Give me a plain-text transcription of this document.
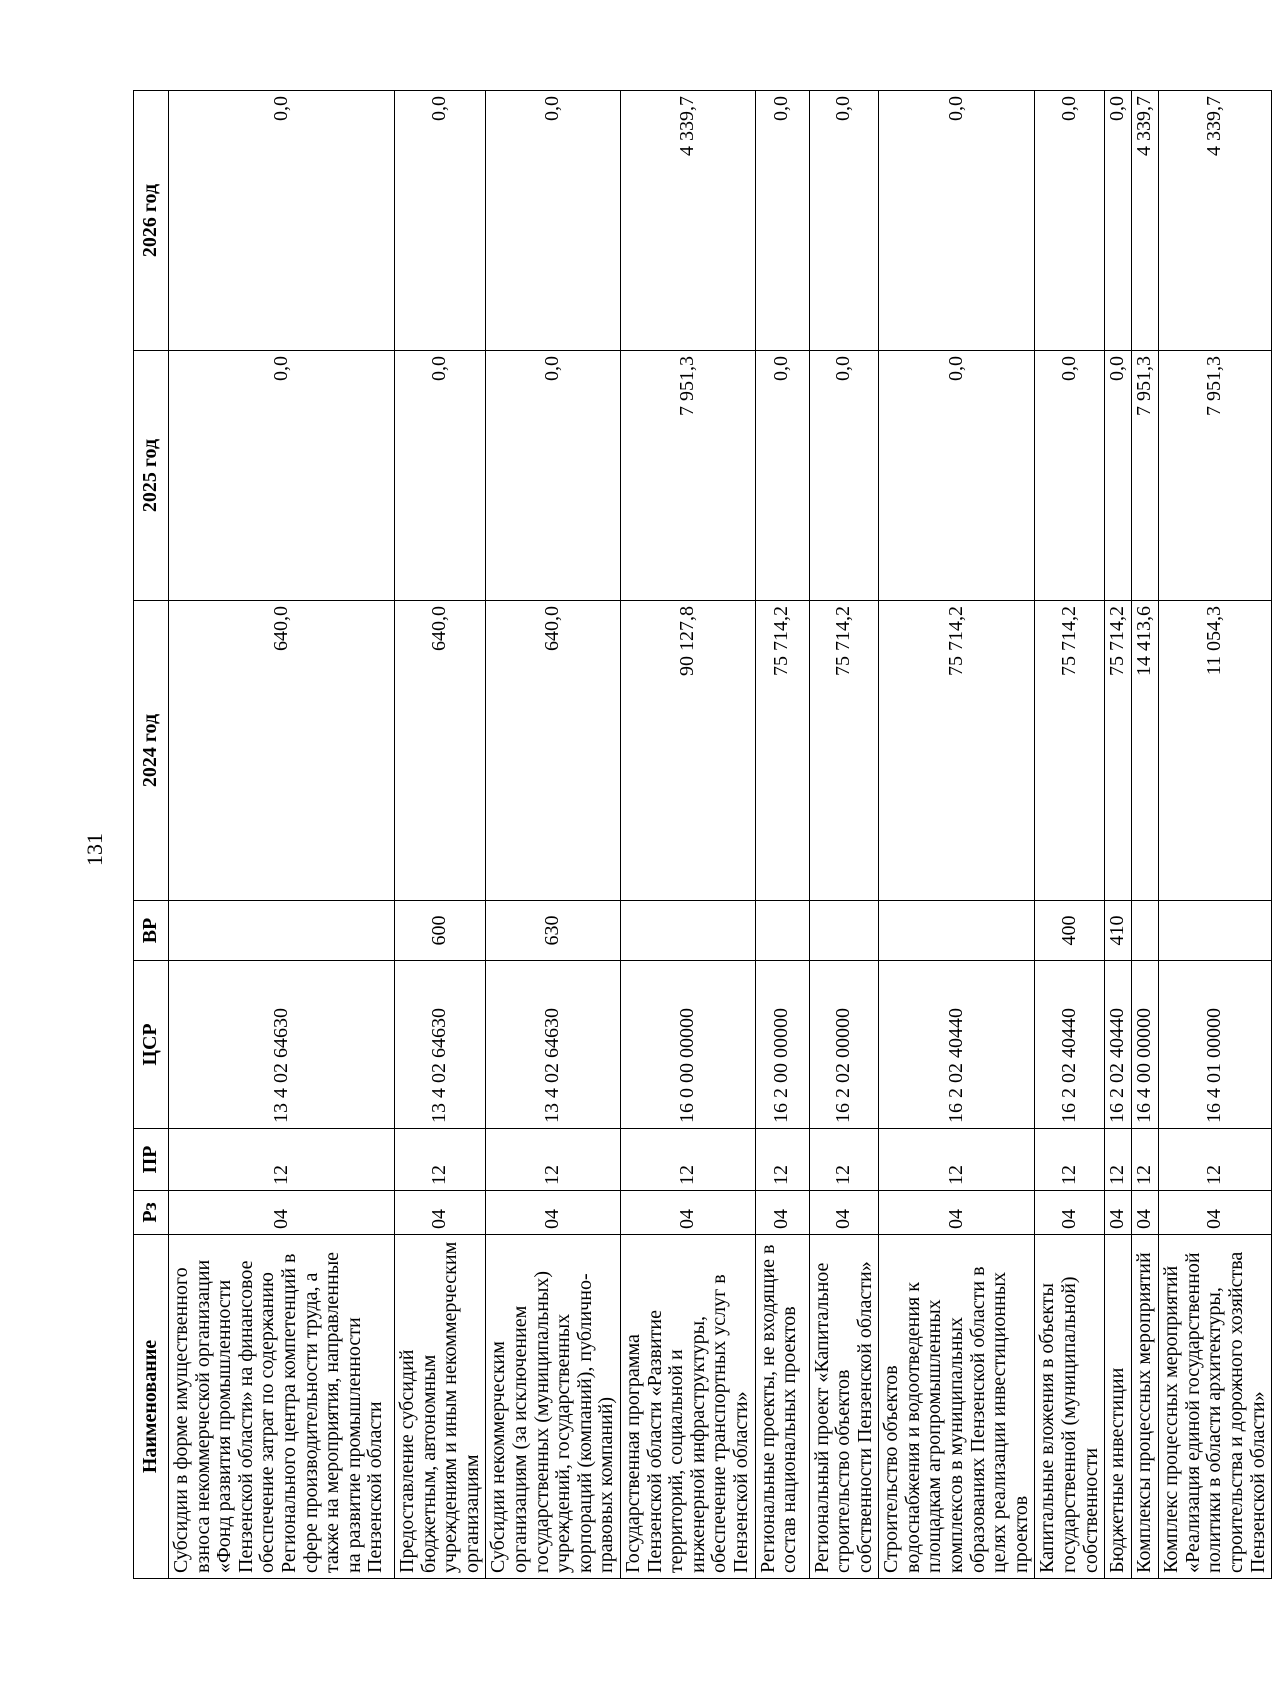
131
Наименование	Рз	ПР	ЦСР	ВР	2024 год	2025 год	2026 год
Субсидии в форме имущественного взноса некоммерческой организации «Фонд развития промышленности Пензенской области» на финансовое обеспечение затрат по содержанию Регионального центра компетенций в сфере производительности труда, а также на мероприятия, направленные на развитие промышленности Пензенской области	04	12	13 4 02 64630		640,0	0,0	0,0
Предоставление субсидий бюджетным, автономным учреждениям и иным некоммерческим организациям	04	12	13 4 02 64630	600	640,0	0,0	0,0
Субсидии некоммерческим организациям (за исключением государственных (муниципальных) учреждений, государственных корпораций (компаний), публично-правовых компаний)	04	12	13 4 02 64630	630	640,0	0,0	0,0
Государственная программа Пензенской области «Развитие территорий, социальной и инженерной инфраструктуры, обеспечение транспортных услуг в Пензенской области»	04	12	16 0 00 00000		90 127,8	7 951,3	4 339,7
Региональные проекты, не входящие в состав национальных проектов	04	12	16 2 00 00000		75 714,2	0,0	0,0
Региональный проект «Капитальное строительство объектов собственности Пензенской области»	04	12	16 2 02 00000		75 714,2	0,0	0,0
Строительство объектов водоснабжения и водоотведения к площадкам агропромышленных комплексов в муниципальных образованиях Пензенской области в целях реализации инвестиционных проектов	04	12	16 2 02 40440		75 714,2	0,0	0,0
Капитальные вложения в объекты государственной (муниципальной) собственности	04	12	16 2 02 40440	400	75 714,2	0,0	0,0
Бюджетные инвестиции	04	12	16 2 02 40440	410	75 714,2	0,0	0,0
Комплексы процессных мероприятий	04	12	16 4 00 00000		14 413,6	7 951,3	4 339,7
Комплекс процессных мероприятий «Реализация единой государственной политики в области архитектуры, строительства и дорожного хозяйства Пензенской области»	04	12	16 4 01 00000		11 054,3	7 951,3	4 339,7
